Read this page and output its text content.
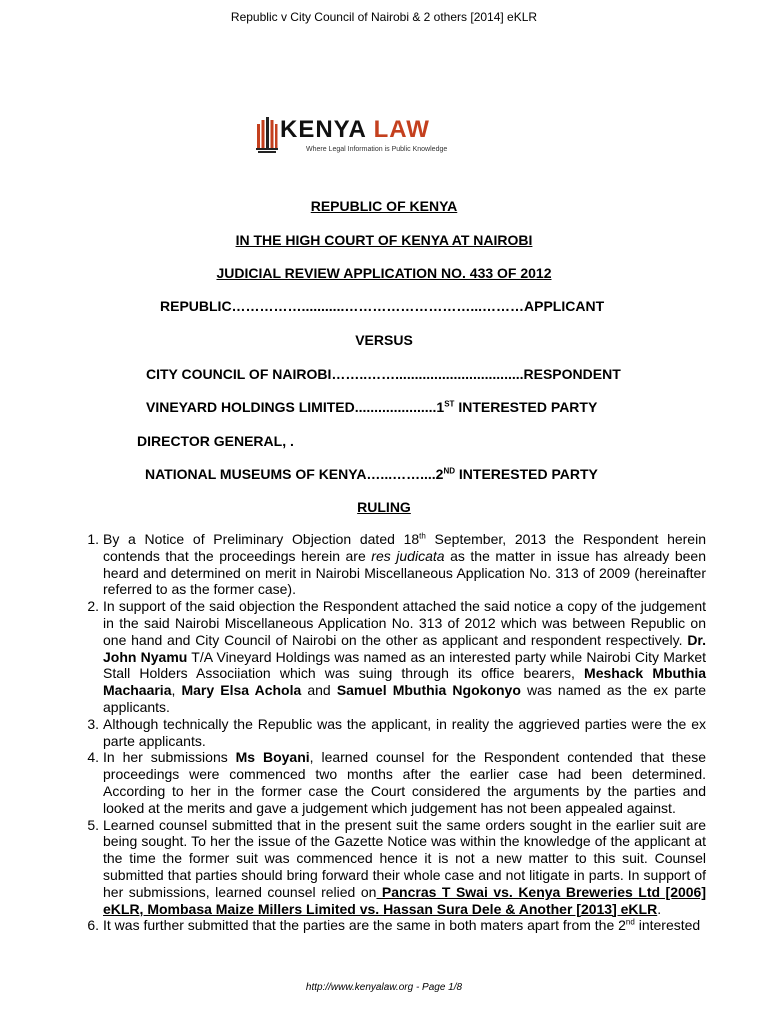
Republic v City Council of Nairobi & 2 others [2014] eKLR
KENYA LAW
Where Legal Information is Public Knowledge
REPUBLIC OF KENYA
IN THE HIGH COURT OF KENYA AT NAIROBI
JUDICIAL REVIEW APPLICATION NO. 433 OF 2012
REPUBLIC……………...........………………………...………APPLICANT
VERSUS
CITY COUNCIL OF NAIROBI……..…….................................RESPONDENT
VINEYARD HOLDINGS LIMITED.....................1ST INTERESTED PARTY
DIRECTOR GENERAL, .
NATIONAL MUSEUMS OF KENYA…...……....2ND INTERESTED PARTY
RULING
1. By a Notice of Preliminary Objection dated 18th September, 2013 the Respondent herein contends that the proceedings herein are res judicata as the matter in issue has already been heard and determined on merit in Nairobi Miscellaneous Application No. 313 of 2009 (hereinafter referred to as the former case).
2. In support of the said objection the Respondent attached the said notice a copy of the judgement in the said Nairobi Miscellaneous Application No. 313 of 2012 which was between Republic on one hand and City Council of Nairobi on the other as applicant and respondent respectively. Dr. John Nyamu T/A Vineyard Holdings was named as an interested party while Nairobi City Market Stall Holders Associiation which was suing through its office bearers, Meshack Mbuthia Machaaria, Mary Elsa Achola and Samuel Mbuthia Ngokonyo was named as the ex parte applicants.
3. Although technically the Republic was the applicant, in reality the aggrieved parties were the ex parte applicants.
4. In her submissions Ms Boyani, learned counsel for the Respondent contended that these proceedings were commenced two months after the earlier case had been determined. According to her in the former case the Court considered the arguments by the parties and looked at the merits and gave a judgement which judgement has not been appealed against.
5. Learned counsel submitted that in the present suit the same orders sought in the earlier suit are being sought. To her the issue of the Gazette Notice was within the knowledge of the applicant at the time the former suit was commenced hence it is not a new matter to this suit. Counsel submitted that parties should bring forward their whole case and not litigate in parts. In support of her submissions, learned counsel relied on Pancras T Swai vs. Kenya Breweries Ltd [2006] eKLR, Mombasa Maize Millers Limited vs. Hassan Sura Dele & Another [2013] eKLR.
6. It was further submitted that the parties are the same in both maters apart from the 2nd interested
http://www.kenyalaw.org - Page 1/8
